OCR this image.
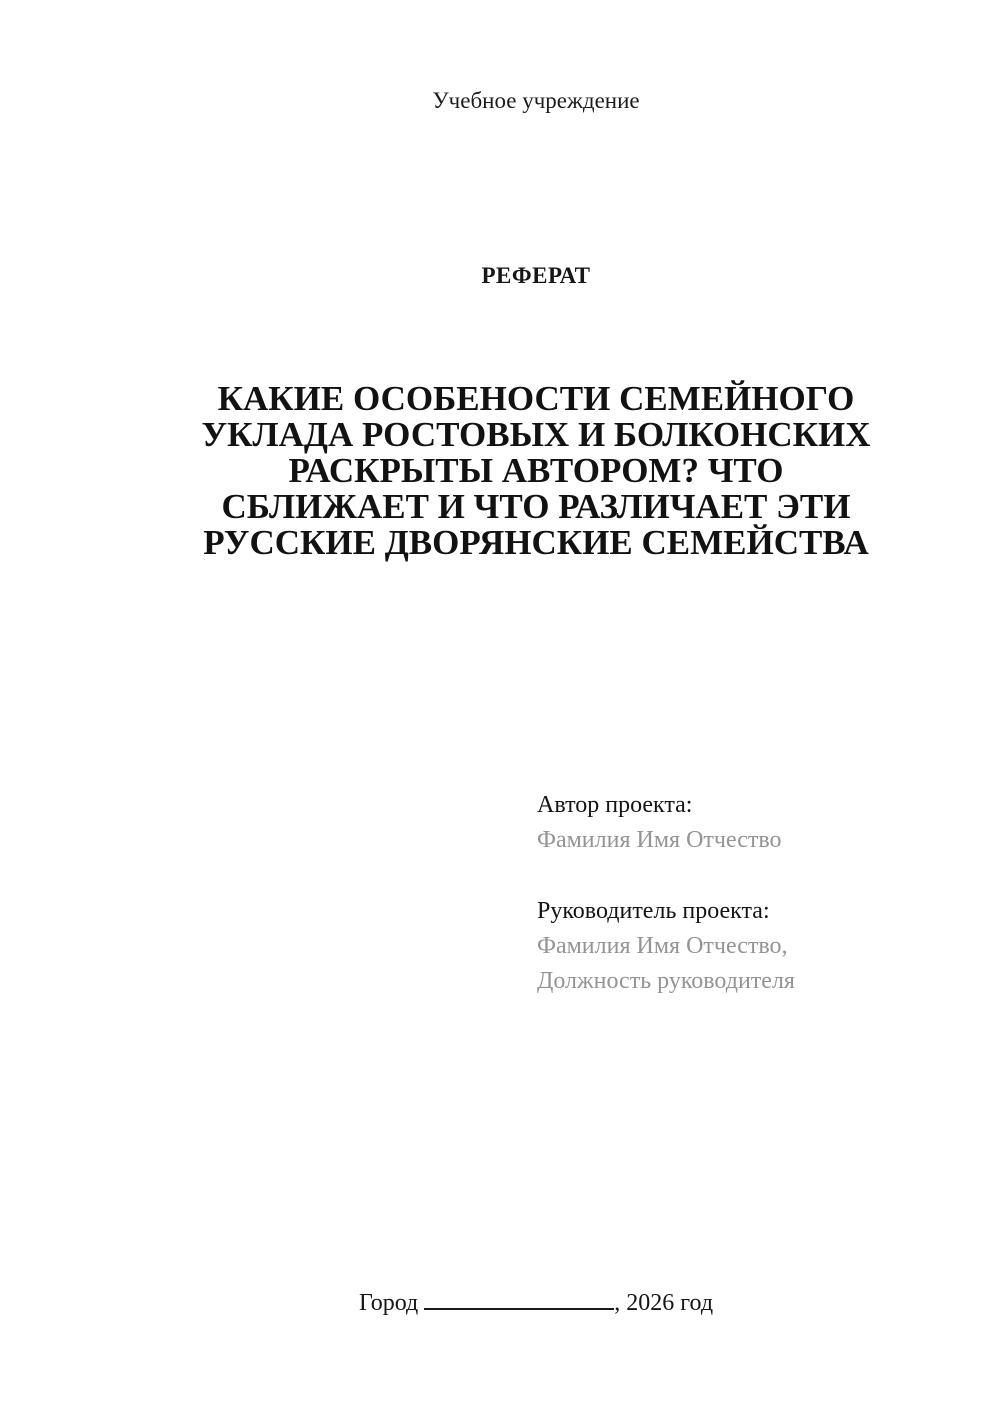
Учебное учреждение
РЕФЕРАТ
КАКИЕ ОСОБЕНОСТИ СЕМЕЙНОГО
УКЛАДА РОСТОВЫХ И БОЛКОНСКИХ
РАСКРЫТЫ АВТОРОМ? ЧТО
СБЛИЖАЕТ И ЧТО РАЗЛИЧАЕТ ЭТИ
РУССКИЕ ДВОРЯНСКИЕ СЕМЕЙСТВА
Автор проекта:
Фамилия Имя Отчество
Руководитель проекта:
Фамилия Имя Отчество,
Должность руководителя
Город	, 2026 год
